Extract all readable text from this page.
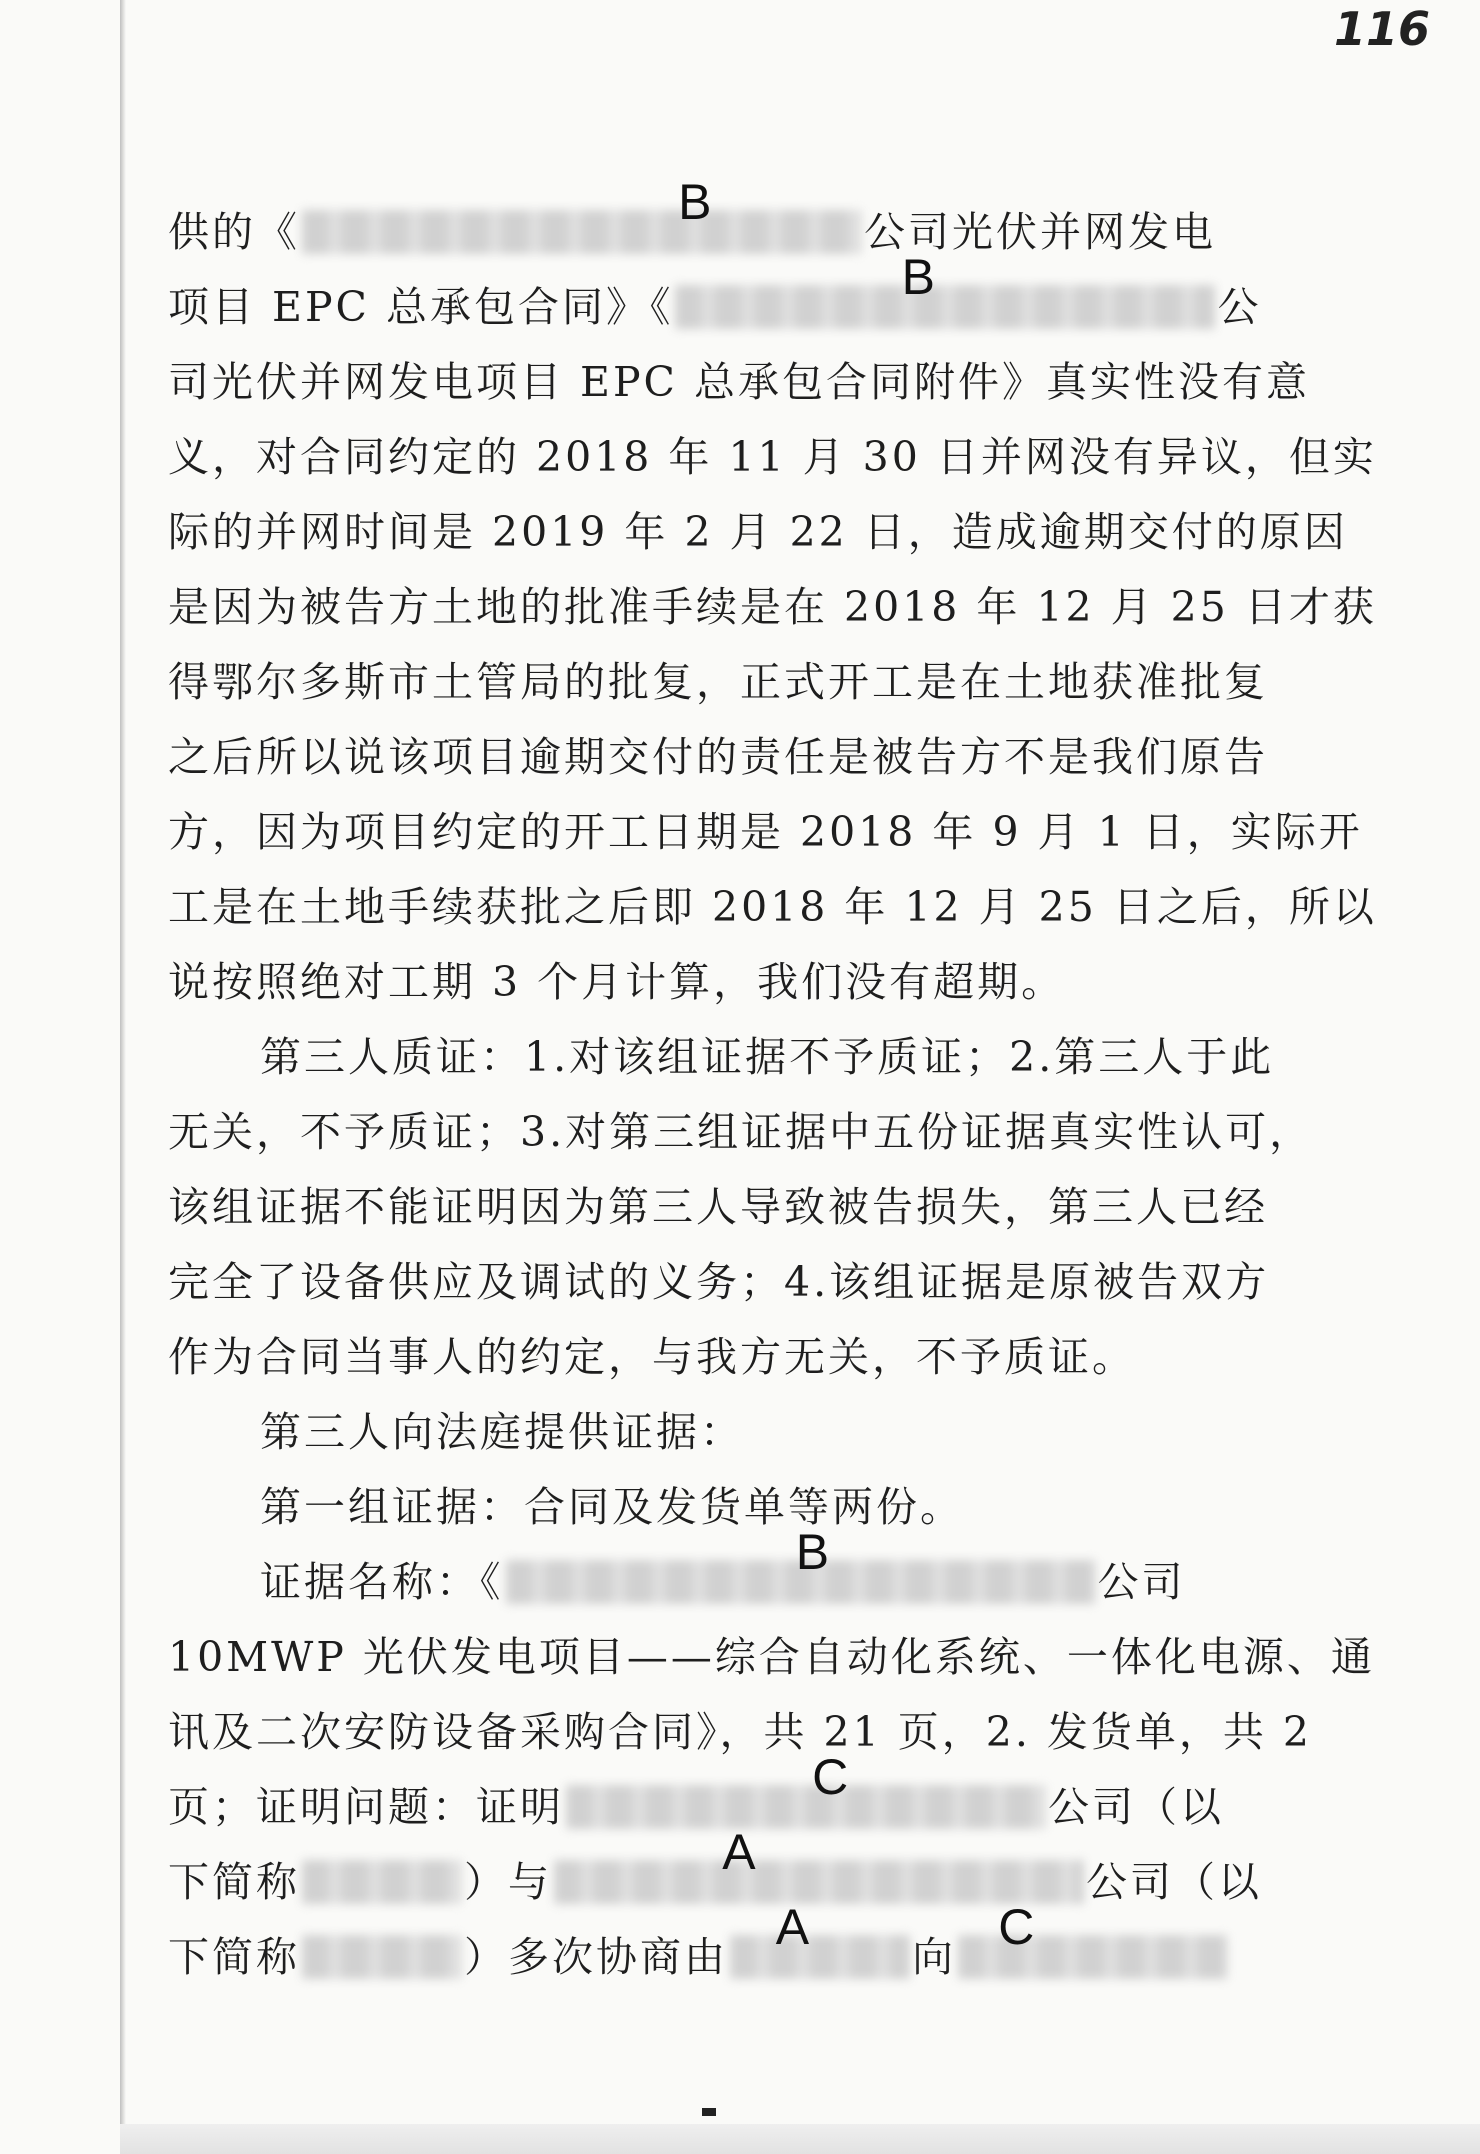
116
供的《
B
公司光伏并网发电
项目 EPC 总承包合同》《
B
公
司光伏并网发电项目 EPC 总承包合同附件》真实性没有意
义，对合同约定的 2018 年 11 月 30 日并网没有异议，但实
际的并网时间是 2019 年 2 月 22 日，造成逾期交付的原因
是因为被告方土地的批准手续是在 2018 年 12 月 25 日才获
得鄂尔多斯市土管局的批复，正式开工是在土地获准批复
之后所以说该项目逾期交付的责任是被告方不是我们原告
方，因为项目约定的开工日期是 2018 年 9 月 1 日，实际开
工是在土地手续获批之后即 2018 年 12 月 25 日之后，所以
说按照绝对工期 3 个月计算，我们没有超期。
第三人质证：1.对该组证据不予质证；2.第三人于此
无关，不予质证；3.对第三组证据中五份证据真实性认可，
该组证据不能证明因为第三人导致被告损失，第三人已经
完全了设备供应及调试的义务；4.该组证据是原被告双方
作为合同当事人的约定，与我方无关，不予质证。
第三人向法庭提供证据：
第一组证据：合同及发货单等两份。
证据名称：《
B
公司
10MWP 光伏发电项目——综合自动化系统、一体化电源、通
讯及二次安防设备采购合同》，共 21 页，2. 发货单，共 2
页；证明问题：证明
C
公司（以
下简称	）与
A
公司（以
下简称	）多次协商由
A
向
C
